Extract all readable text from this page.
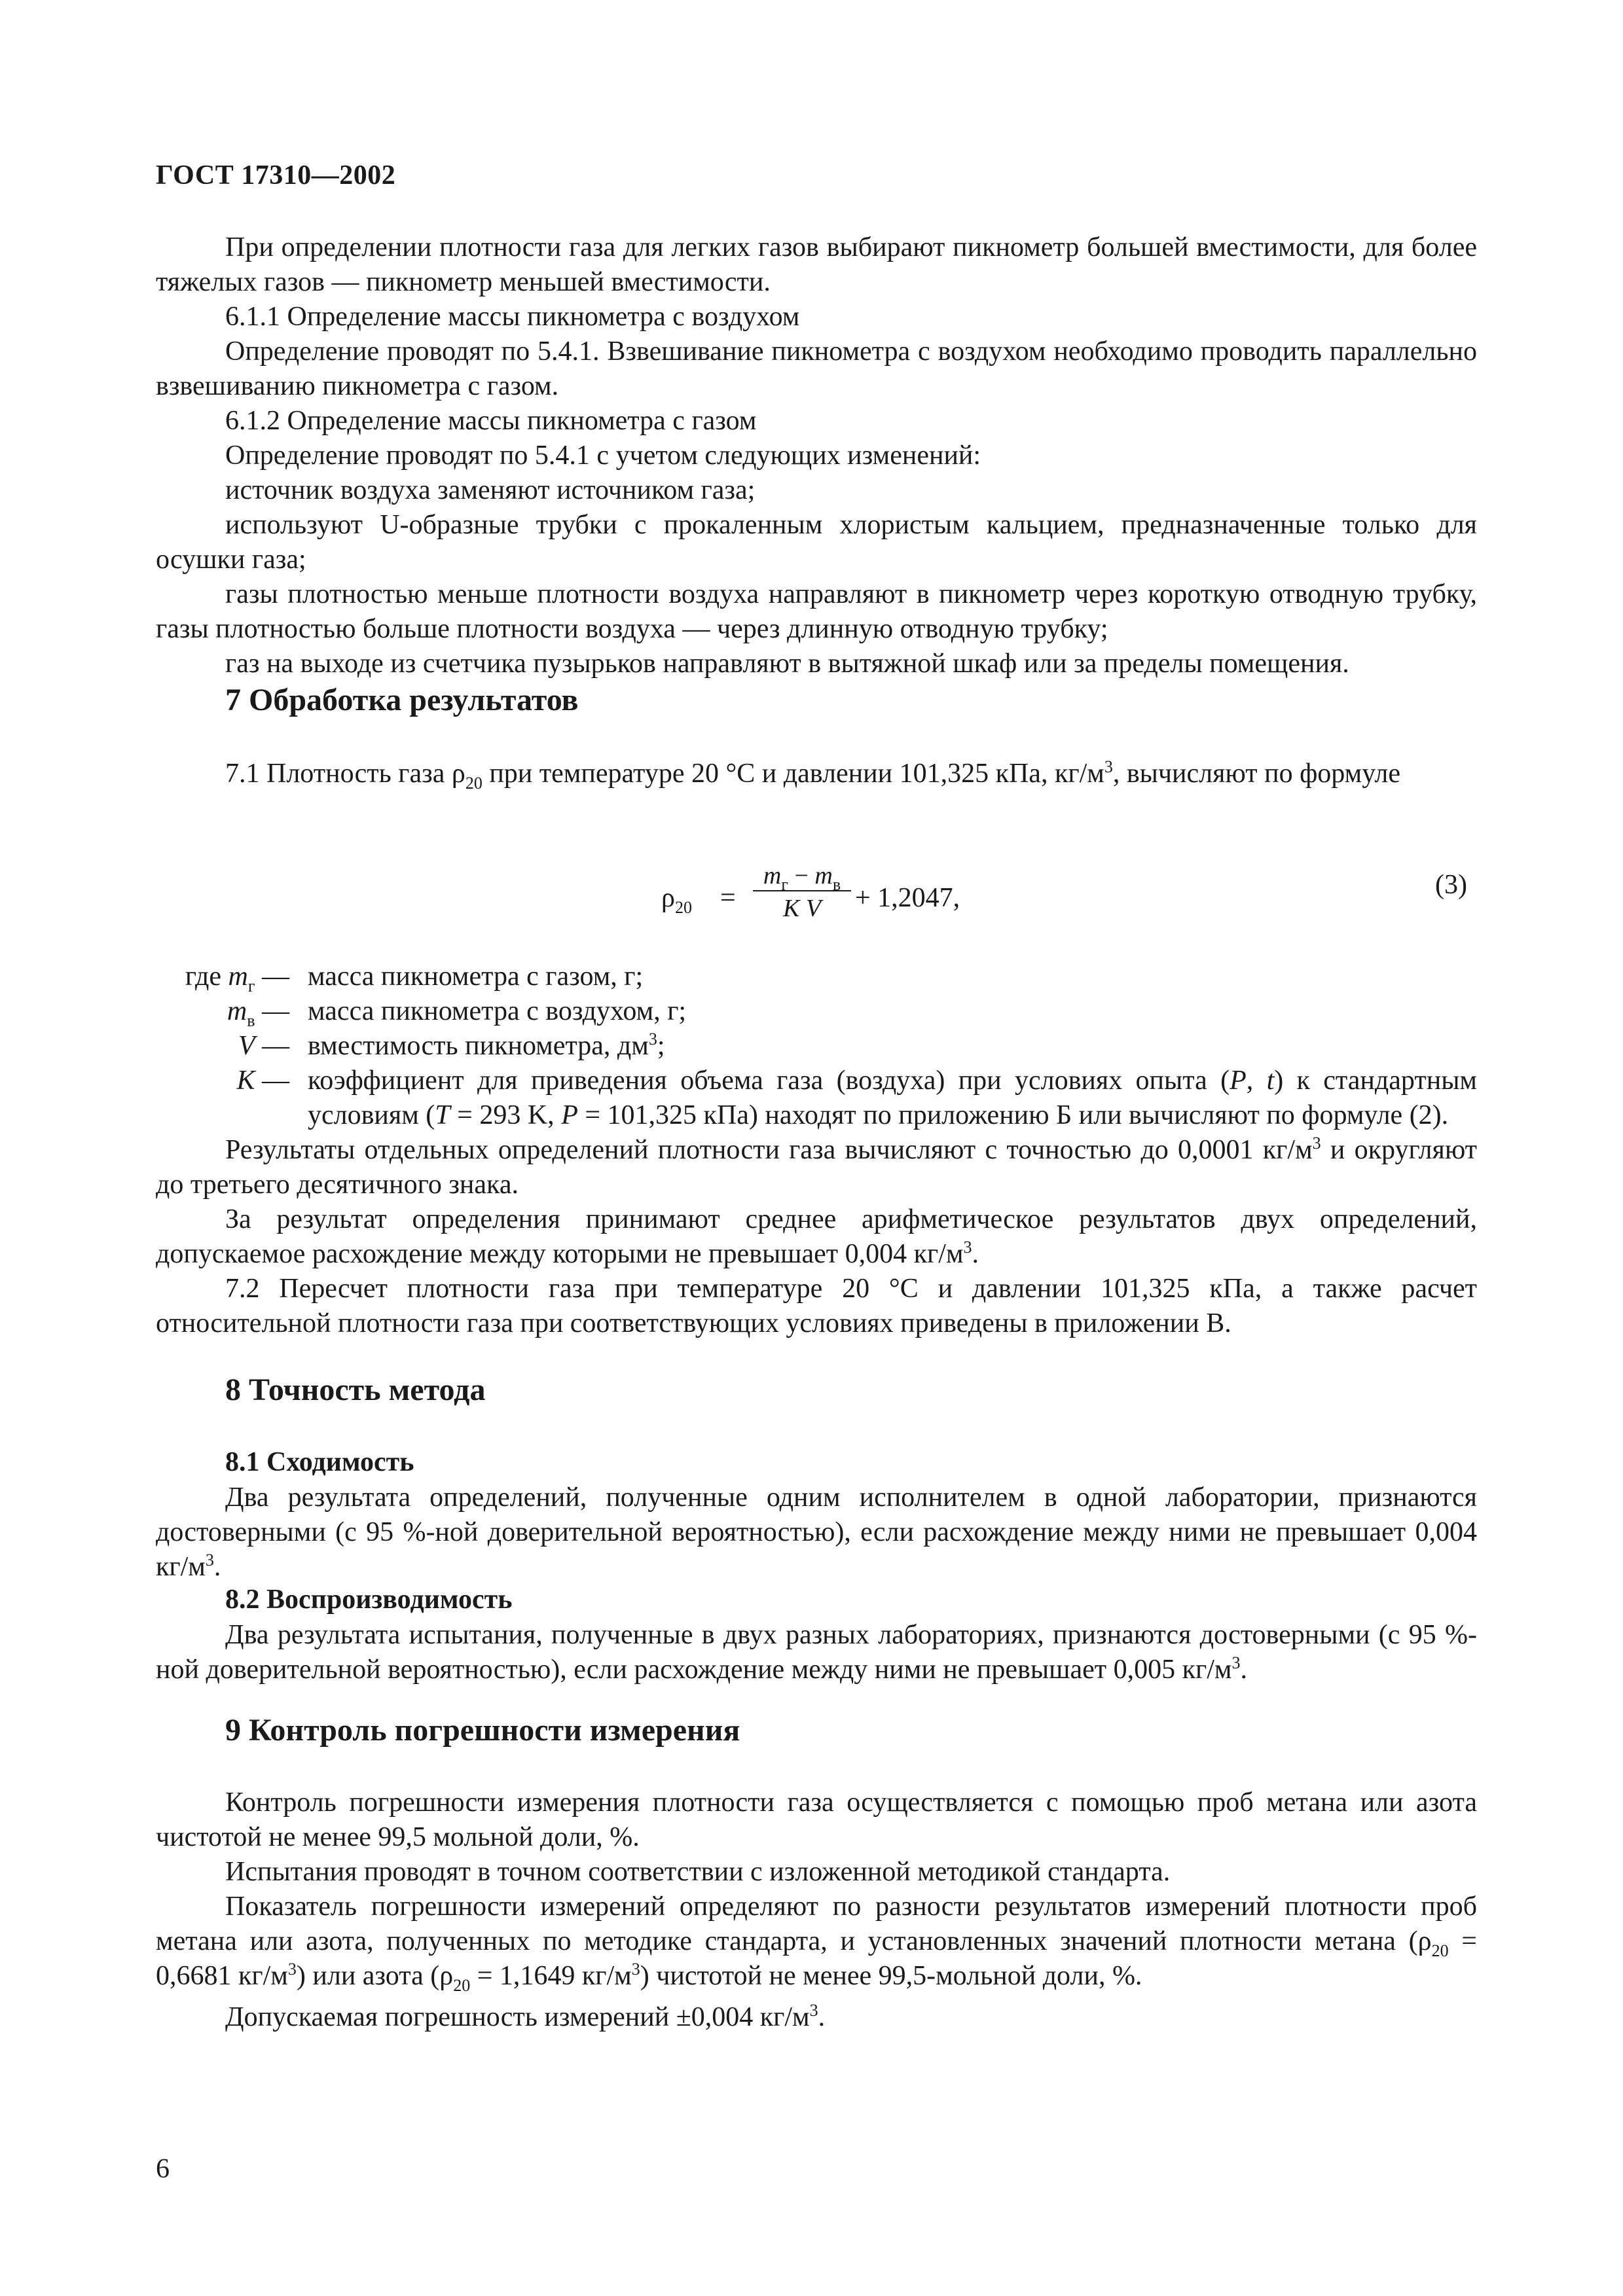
ГОСТ 17310—2002

При определении плотности газа для легких газов выбирают пикнометр большей вместимости, для более тяжелых газов — пикнометр меньшей вместимости.

6.1.1 Определение массы пикнометра с воздухом

Определение проводят по 5.4.1. Взвешивание пикнометра с воздухом необходимо проводить параллельно взвешиванию пикнометра с газом.

6.1.2 Определение массы пикнометра с газом

Определение проводят по 5.4.1 с учетом следующих изменений:

источник воздуха заменяют источником газа;

используют U-образные трубки с прокаленным хлористым кальцием, предназначенные только для осушки газа;

газы плотностью меньше плотности воздуха направляют в пикнометр через короткую отводную трубку, газы плотностью больше плотности воздуха — через длинную отводную трубку;

газ на выходе из счетчика пузырьков направляют в вытяжной шкаф или за пределы помещения.

7 Обработка результатов

7.1 Плотность газа $\rho_{20}$ при температуре 20 °С и давлении 101,325 кПа, $кг/м^3$, вычисляют по формуле

$\rho_{20}$ =
$m_г - m_в$
K V	+ 1,2047,	(3)
где $m_г$ — масса пикнометра с газом, г;
$m_в$ — масса пикнометра с воздухом, г;
V — вместимость пикнометра, $дм^3$;
K — коэффициент для приведения объема газа (воздуха) при условиях опыта (P, t) к стандартным условиям (T = 293 K, P = 101,325 кПа) находят по приложению Б или вычисляют по формуле (2).

Результаты отдельных определений плотности газа вычисляют с точностью до 0,0001 $кг/м^3$ и округляют до третьего десятичного знака.

За результат определения принимают среднее арифметическое результатов двух определений, допускаемое расхождение между которыми не превышает 0,004 $кг/м^3$.

7.2 Пересчет плотности газа при температуре 20 °С и давлении 101,325 кПа, а также расчет относительной плотности газа при соответствующих условиях приведены в приложении В.

8 Точность метода
8.1 Сходимость

Два результата определений, полученные одним исполнителем в одной лаборатории, признаются достоверными (с 95 %-ной доверительной вероятностью), если расхождение между ними не превышает 0,004 $кг/м^3$.

8.2 Воспроизводимость

Два результата испытания, полученные в двух разных лабораториях, признаются достоверными (с 95 %-ной доверительной вероятностью), если расхождение между ними не превышает 0,005 $кг/м^3$.

9 Контроль погрешности измерения

Контроль погрешности измерения плотности газа осуществляется с помощью проб метана или азота чистотой не менее 99,5 мольной доли, %.

Испытания проводят в точном соответствии с изложенной методикой стандарта.

Показатель погрешности измерений определяют по разности результатов измерений плотности проб метана или азота, полученных по методике стандарта, и установленных значений плотности метана ($\rho_{20} = 0,6681$ $кг/м^3$) или азота ($\rho_{20} = 1,1649$ $кг/м^3$) чистотой не менее 99,5-мольной доли, %.

Допускаемая погрешность измерений ±0,004 $кг/м^3$.

6
